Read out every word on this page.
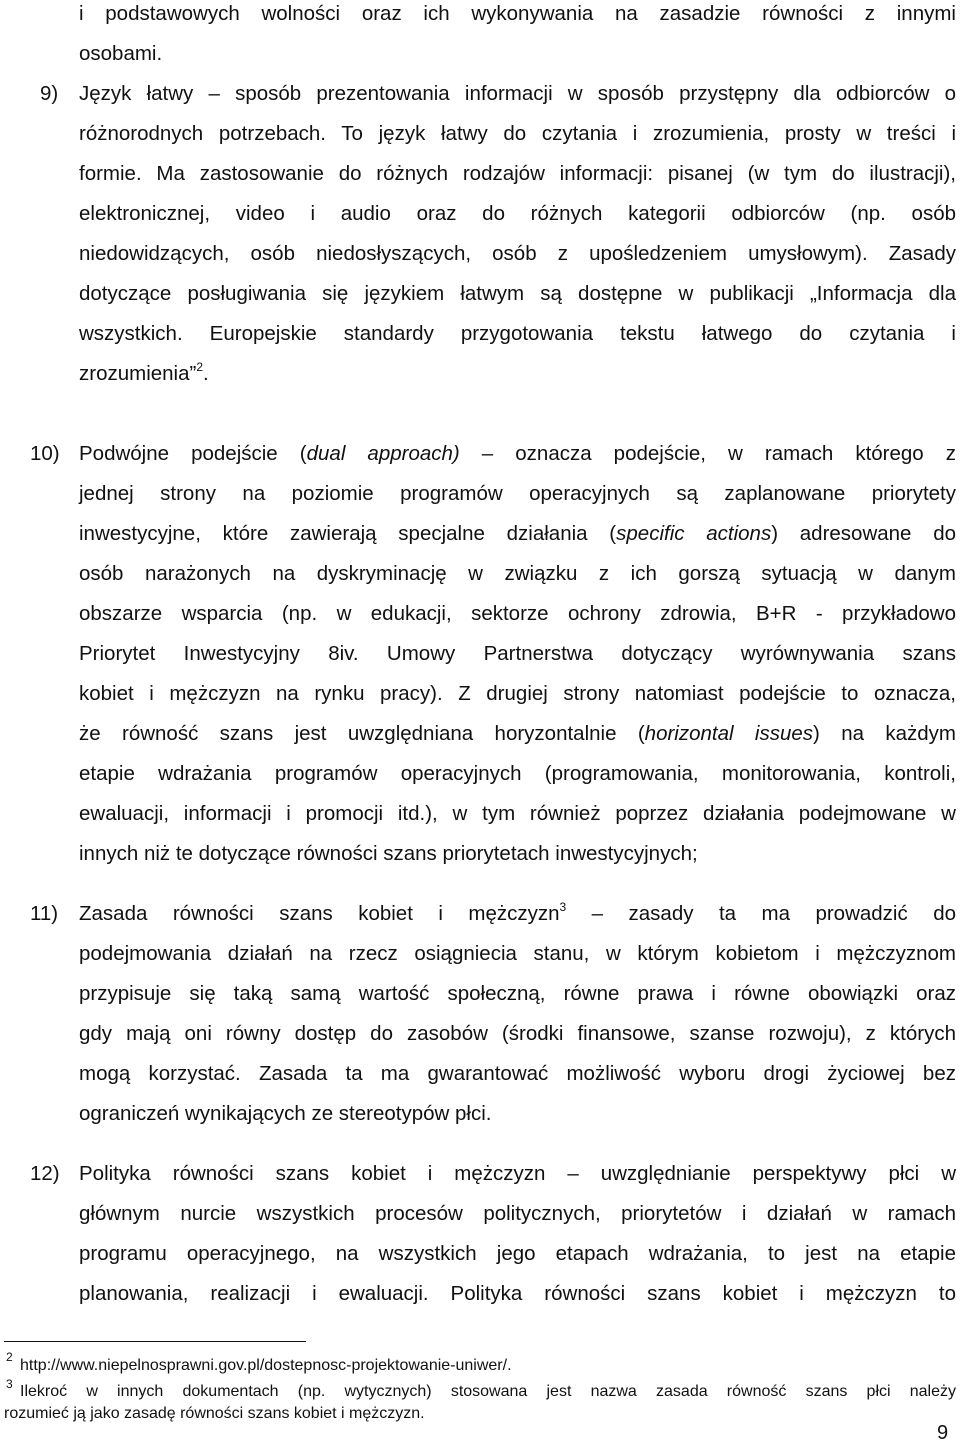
i podstawowych wolności oraz ich wykonywania na zasadzie równości z innymi

osobami.

9) Język łatwy – sposób prezentowania informacji w sposób przystępny dla odbiorców o

różnorodnych potrzebach. To język łatwy do czytania i zrozumienia, prosty w treści i

formie. Ma zastosowanie do różnych rodzajów informacji: pisanej (w tym do ilustracji),

elektronicznej, video i audio oraz do różnych kategorii odbiorców (np. osób

niedowidzących, osób niedosłyszących, osób z upośledzeniem umysłowym). Zasady

dotyczące posługiwania się językiem łatwym są dostępne w publikacji „Informacja dla

wszystkich. Europejskie standardy przygotowania tekstu łatwego do czytania i

zrozumienia”$^2$.

10) Podwójne podejście (dual approach) – oznacza podejście, w ramach którego z

jednej strony na poziomie programów operacyjnych są zaplanowane priorytety

inwestycyjne, które zawierają specjalne działania (specific actions) adresowane do

osób narażonych na dyskryminację w związku z ich gorszą sytuacją w danym

obszarze wsparcia (np. w edukacji, sektorze ochrony zdrowia, B+R - przykładowo

Priorytet Inwestycyjny 8iv. Umowy Partnerstwa dotyczący wyrównywania szans

kobiet i mężczyzn na rynku pracy). Z drugiej strony natomiast podejście to oznacza,

że równość szans jest uwzględniana horyzontalnie (horizontal issues) na każdym

etapie wdrażania programów operacyjnych (programowania, monitorowania, kontroli,

ewaluacji, informacji i promocji itd.), w tym również poprzez działania podejmowane w

innych niż te dotyczące równości szans priorytetach inwestycyjnych;

11) Zasada równości szans kobiet i mężczyzn$^3$ – zasady ta ma prowadzić do

podejmowania działań na rzecz osiągniecia stanu, w którym kobietom i mężczyznom

przypisuje się taką samą wartość społeczną, równe prawa i równe obowiązki oraz

gdy mają oni równy dostęp do zasobów (środki finansowe, szanse rozwoju), z których

mogą korzystać. Zasada ta ma gwarantować możliwość wyboru drogi życiowej bez

ograniczeń wynikających ze stereotypów płci.

12) Polityka równości szans kobiet i mężczyzn – uwzględnianie perspektywy płci w

głównym nurcie wszystkich procesów politycznych, priorytetów i działań w ramach

programu operacyjnego, na wszystkich jego etapach wdrażania, to jest na etapie

planowania, realizacji i ewaluacji. Polityka równości szans kobiet i mężczyzn to

2 http://www.niepelnosprawni.gov.pl/dostepnosc-projektowanie-uniwer/.

3 Ilekroć w innych dokumentach (np. wytycznych) stosowana jest nazwa zasada równość szans płci należy

rozumieć ją jako zasadę równości szans kobiet i mężczyzn.

9
